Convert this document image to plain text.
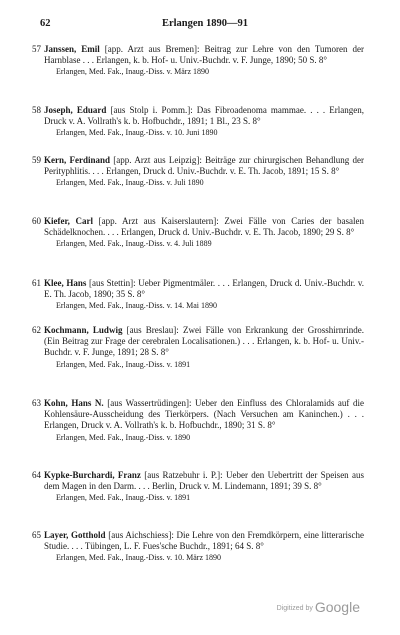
62	Erlangen 1890—91
57 Janssen, Emil [app. Arzt aus Bremen]: Beitrag zur Lehre von den Tumoren der Harnblase . . . Erlangen, k. b. Hof- u. Univ.-Buchdr. v. F. Junge, 1890; 50 S. 8°
Erlangen, Med. Fak., Inaug.-Diss. v. März 1890
58 Joseph, Eduard [aus Stolp i. Pomm.]: Das Fibroadenoma mammae. . . . Erlangen, Druck v. A. Vollrath's k. b. Hofbuchdr., 1891; 1 Bl., 23 S. 8°
Erlangen, Med. Fak., Inaug.-Diss. v. 10. Juni 1890
59 Kern, Ferdinand [app. Arzt aus Leipzig]: Beiträge zur chirurgischen Behandlung der Perityphlitis. . . . Erlangen, Druck d. Univ.-Buchdr. v. E. Th. Jacob, 1891; 15 S. 8°
Erlangen, Med. Fak., Inaug.-Diss. v. Juli 1890
60 Kiefer, Carl [app. Arzt aus Kaiserslautern]: Zwei Fälle von Caries der basalen Schädelknochen. . . . Erlangen, Druck d. Univ.-Buchdr. v. E. Th. Jacob, 1890; 29 S. 8°
Erlangen, Med. Fak., Inaug.-Diss. v. 4. Juli 1889
61 Klee, Hans [aus Stettin]: Ueber Pigmentmäler. . . . Erlangen, Druck d. Univ.-Buchdr. v. E. Th. Jacob, 1890; 35 S. 8°
Erlangen, Med. Fak., Inaug.-Diss. v. 14. Mai 1890
62 Kochmann, Ludwig [aus Breslau]: Zwei Fälle von Erkrankung der Grosshirnrinde. (Ein Beitrag zur Frage der cerebralen Localisationen.) . . . Erlangen, k. b. Hof- u. Univ.-Buchdr. v. F. Junge, 1891; 28 S. 8°
Erlangen, Med. Fak., Inaug.-Diss. v. 1891
63 Kohn, Hans N. [aus Wassertrüdingen]: Ueber den Einfluss des Chloralamids auf die Kohlensäure-Ausscheidung des Tierkörpers. (Nach Versuchen am Kaninchen.) . . . Erlangen, Druck v. A. Vollrath's k. b. Hofbuchdr., 1890; 31 S. 8°
Erlangen, Med. Fak., Inaug.-Diss. v. 1890
64 Kypke-Burchardi, Franz [aus Ratzebuhr i. P.]: Ueber den Uebertritt der Speisen aus dem Magen in den Darm. . . . Berlin, Druck v. M. Lindemann, 1891; 39 S. 8°
Erlangen, Med. Fak., Inaug.-Diss. v. 1891
65 Layer, Gotthold [aus Aichschiess]: Die Lehre von den Fremdkörpern, eine litterarische Studie. . . . Tübingen, L. F. Fues'sche Buchdr., 1891; 64 S. 8°
Erlangen, Med. Fak., Inaug.-Diss. v. 10. März 1890
Digitized by Google
